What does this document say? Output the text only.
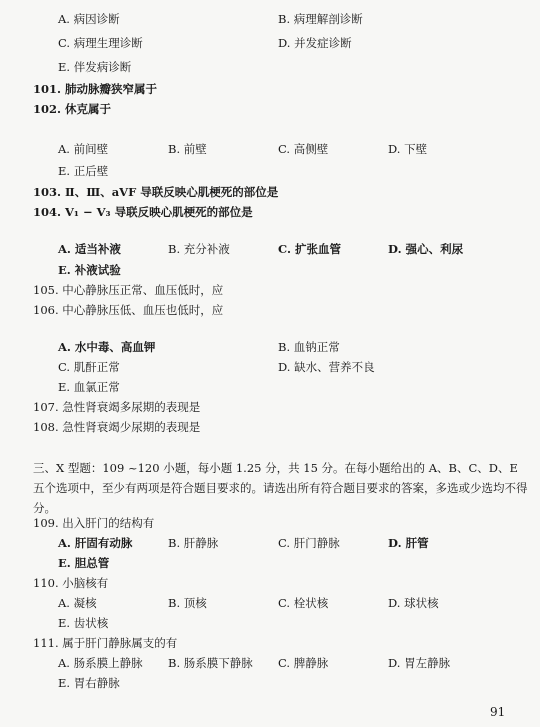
A. 病因诊断	B. 病理解剖诊断
C. 病理生理诊断	D. 并发症诊断
E. 伴发病诊断
101. 肺动脉瓣狭窄属于
102. 休克属于
A. 前间壁	B. 前壁	C. 高侧壁	D. 下壁
E. 正后壁
103. Ⅱ、Ⅲ、aVF 导联反映心肌梗死的部位是
104. V₁ − V₃ 导联反映心肌梗死的部位是
A. 适当补液	B. 充分补液	C. 扩张血管	D. 强心、利尿
E. 补液试验
105. 中心静脉压正常、血压低时，应
106. 中心静脉压低、血压也低时，应
A. 水中毒、高血钾	B. 血钠正常
C. 肌酐正常	D. 缺水、营养不良
E. 血氯正常
107. 急性肾衰竭多尿期的表现是
108. 急性肾衰竭少尿期的表现是
三、X 型题：109 ~120 小题，每小题 1.25 分，共 15 分。在每小题给出的 A、B、C、D、E 五个选项中，至少有两项是符合题目要求的。请选出所有符合题目要求的答案，多选或少选均不得分。
109. 出入肝门的结构有
A. 肝固有动脉	B. 肝静脉	C. 肝门静脉	D. 肝管
E. 胆总管
110. 小脑核有
A. 凝核	B. 顶核	C. 栓状核	D. 球状核
E. 齿状核
111. 属于肝门静脉属支的有
A. 肠系膜上静脉 B. 肠系膜下静脉 C. 脾静脉	D. 胃左静脉
E. 胃右静脉
91
